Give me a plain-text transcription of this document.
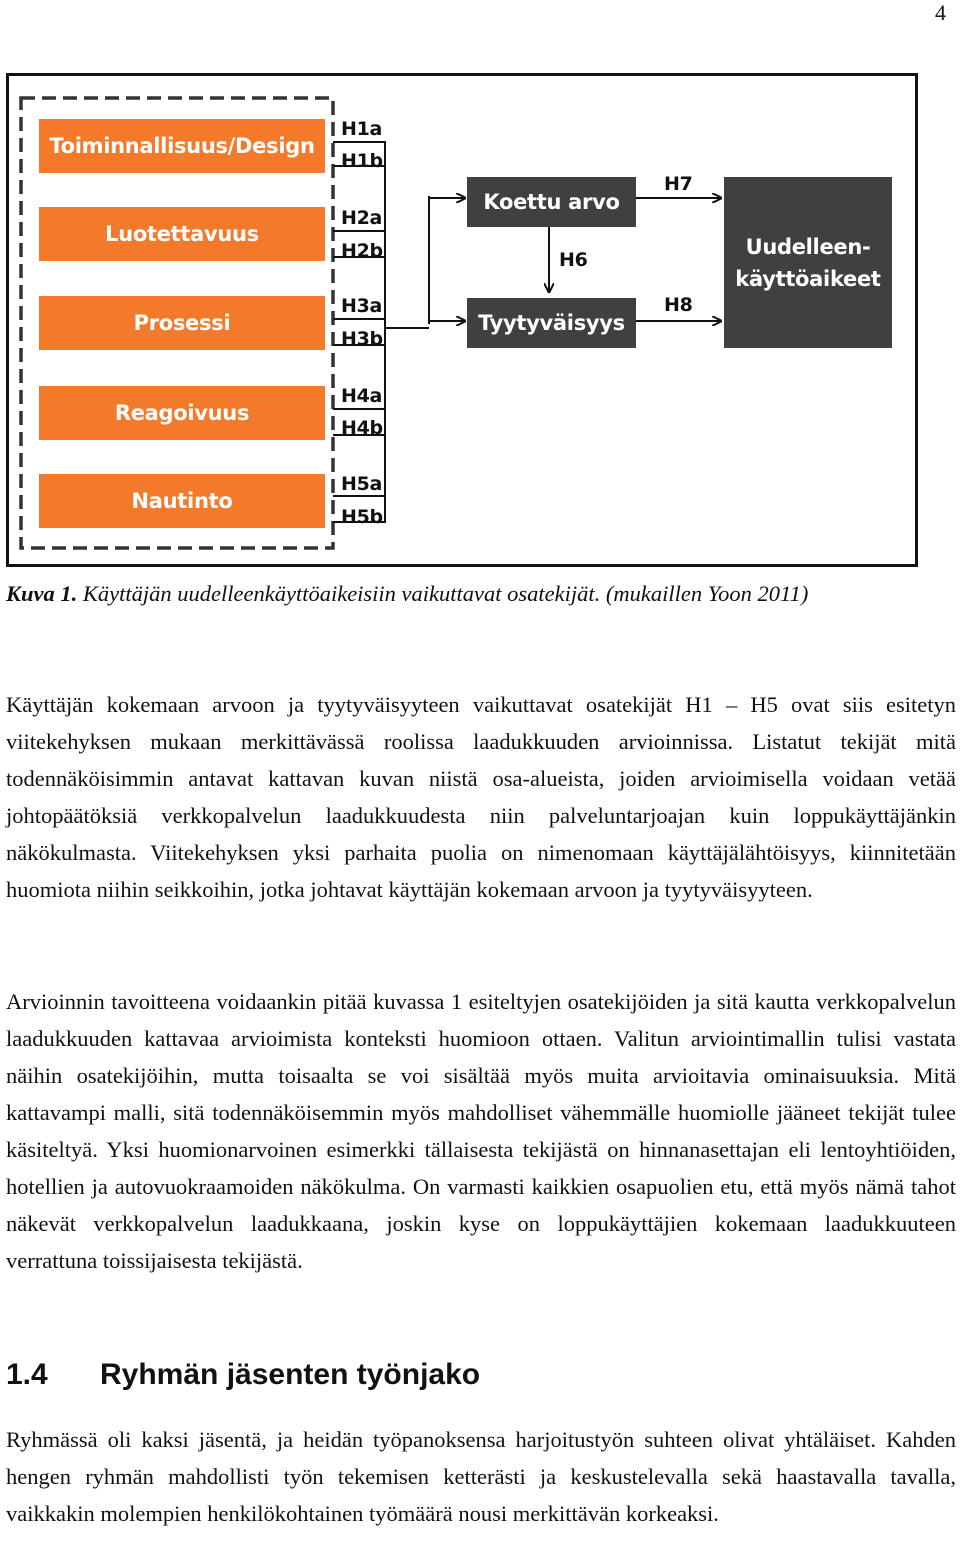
4
Toiminnallisuus/Design
Luotettavuus
Prosessi
Reagoivuus
Nautinto
H1a
H1b
H2a
H2b
H3a
H3b
H4a
H4b
H5a
H5b
Koettu arvo
Tyytyväisyys
Uudelleen-
käyttöaikeet
H6
H7
H8
Kuva 1. Käyttäjän uudelleenkäyttöaikeisiin vaikuttavat osatekijät. (mukaillen Yoon 2011)

Käyttäjän kokemaan arvoon ja tyytyväisyyteen vaikuttavat osatekijät H1 – H5 ovat siis esitetyn viitekehyksen mukaan merkittävässä roolissa laadukkuuden arvioinnissa. Listatut tekijät mitä todennäköisimmin antavat kattavan kuvan niistä osa-alueista, joiden arvioimisella voidaan vetää johtopäätöksiä verkkopalvelun laadukkuudesta niin palveluntarjoajan kuin loppukäyttäjänkin näkökulmasta. Viitekehyksen yksi parhaita puolia on nimenomaan käyttäjälähtöisyys, kiinnitetään huomiota niihin seikkoihin, jotka johtavat käyttäjän kokemaan arvoon ja tyytyväisyyteen.

Arvioinnin tavoitteena voidaankin pitää kuvassa 1 esiteltyjen osatekijöiden ja sitä kautta verkkopalvelun laadukkuuden kattavaa arvioimista konteksti huomioon ottaen. Valitun arviointimallin tulisi vastata näihin osatekijöihin, mutta toisaalta se voi sisältää myös muita arvioitavia ominaisuuksia. Mitä kattavampi malli, sitä todennäköisemmin myös mahdolliset vähemmälle huomiolle jääneet tekijät tulee käsiteltyä. Yksi huomionarvoinen esimerkki tällaisesta tekijästä on hinnanasettajan eli lentoyhtiöiden, hotellien ja autovuokraamoiden näkökulma. On varmasti kaikkien osapuolien etu, että myös nämä tahot näkevät verkkopalvelun laadukkaana, joskin kyse on loppukäyttäjien kokemaan laadukkuuteen verrattuna toissijaisesta tekijästä.

1.4 Ryhmän jäsenten työnjako

Ryhmässä oli kaksi jäsentä, ja heidän työpanoksensa harjoitustyön suhteen olivat yhtäläiset. Kahden hengen ryhmän mahdollisti työn tekemisen ketterästi ja keskustelevalla sekä haastavalla tavalla, vaikkakin molempien henkilökohtainen työmäärä nousi merkittävän korkeaksi.
